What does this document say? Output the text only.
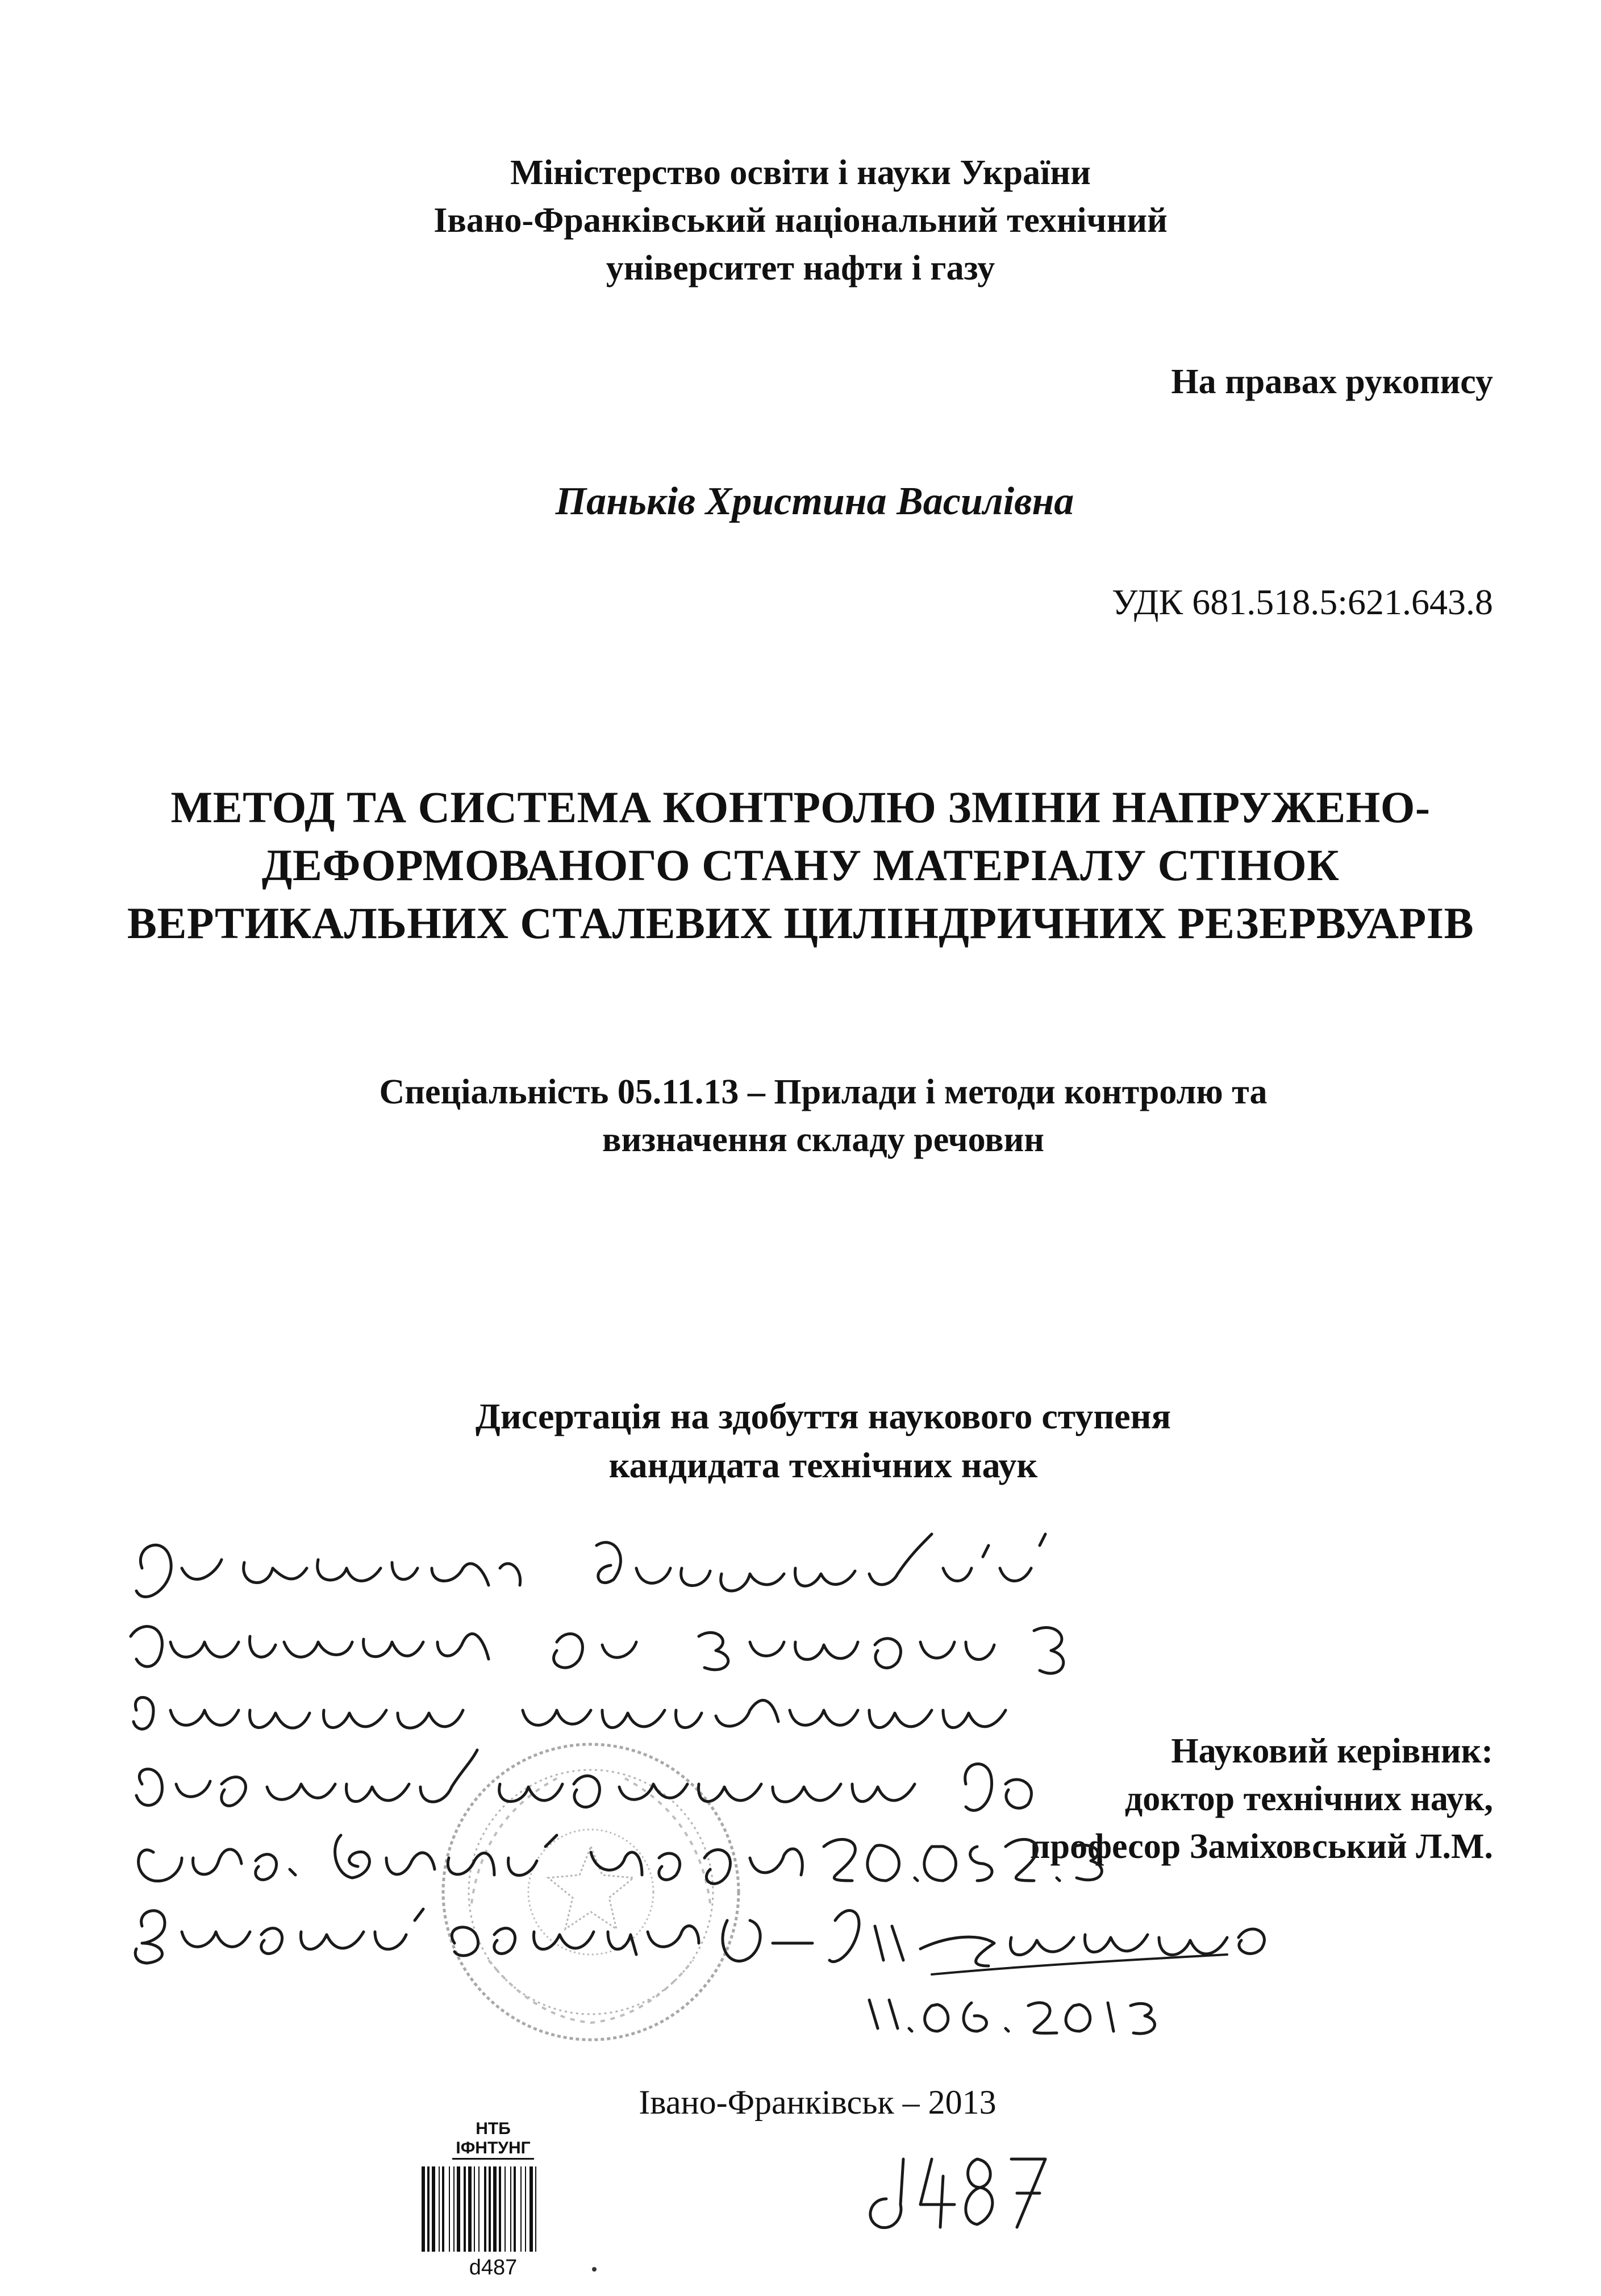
Міністерство освіти і науки України
Івано-Франківський національний технічний
університет нафти і газу
На правах рукопису
Паньків Христина Василівна
УДК 681.518.5:621.643.8
МЕТОД ТА СИСТЕМА КОНТРОЛЮ ЗМІНИ НАПРУЖЕНО-
ДЕФОРМОВАНОГО СТАНУ МАТЕРІАЛУ СТІНОК
ВЕРТИКАЛЬНИХ СТАЛЕВИХ ЦИЛІНДРИЧНИХ РЕЗЕРВУАРІВ
Спеціальність 05.11.13 – Прилади і методи контролю та
визначення складу речовин
Дисертація на здобуття наукового ступеня
кандидата технічних наук
Науковий керівник:
доктор технічних наук,
професор Заміховський Л.М.
Івано-Франківськ – 2013
НТБ
ІФНТУНГ
d487
